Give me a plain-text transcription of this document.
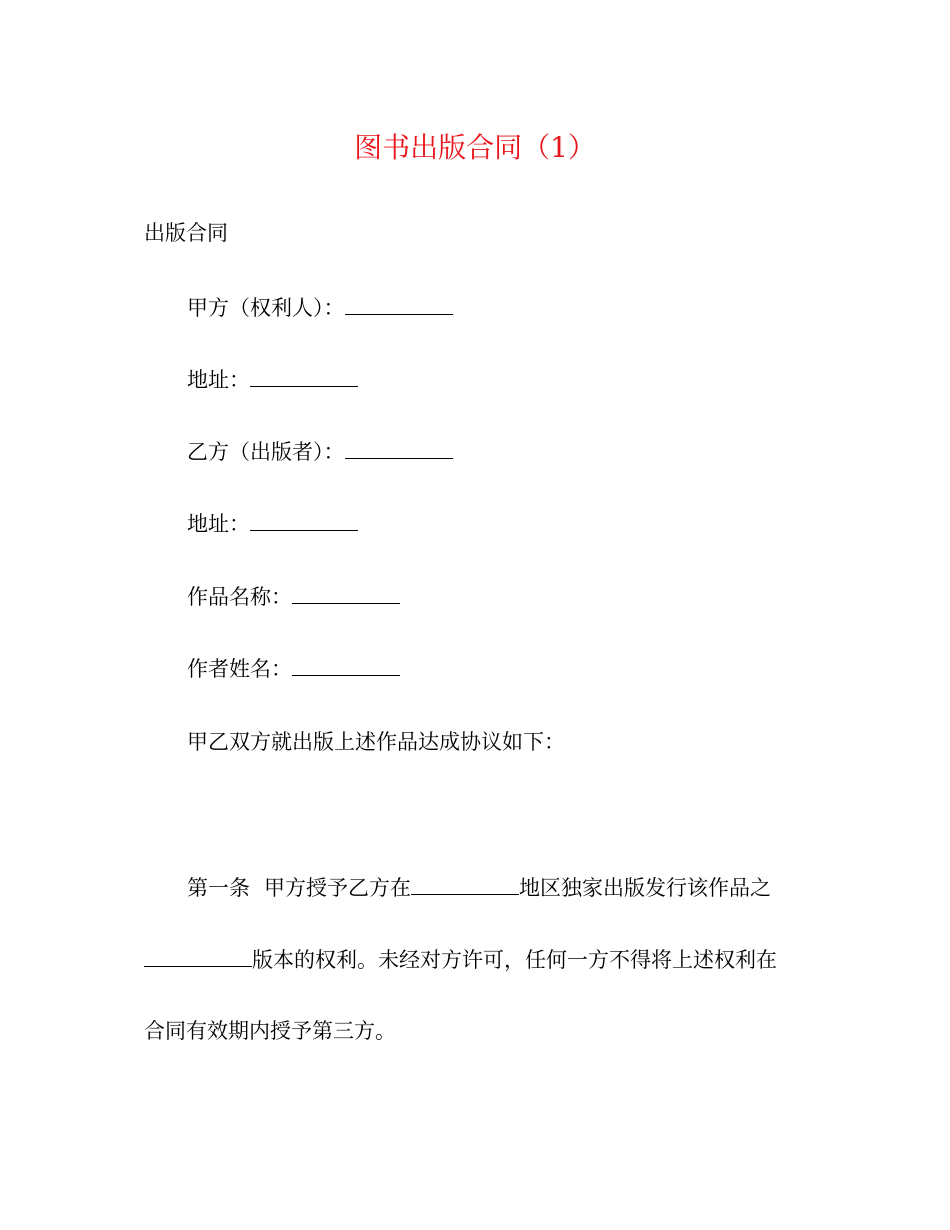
图书出版合同（1）
出版合同
甲方（权利人）：
地址：
乙方（出版者）：
地址：
作品名称：
作者姓名：
甲乙双方就出版上述作品达成协议如下：
第一条 甲方授予乙方在	地区独家出版发行该作品之
版本的权利。未经对方许可，任何一方不得将上述权利在
合同有效期内授予第三方。
